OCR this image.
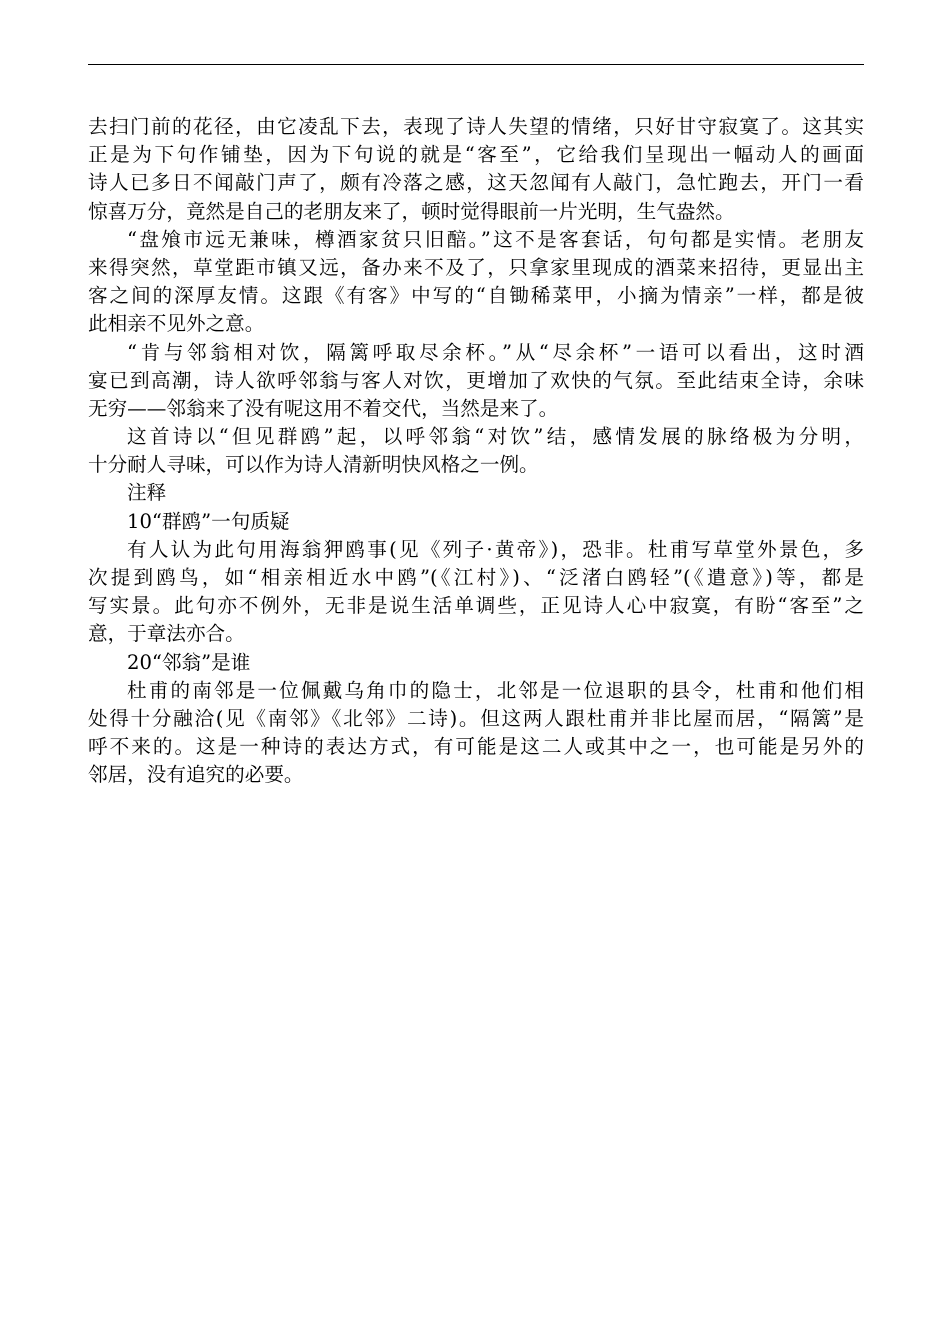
去扫门前的花径，由它凌乱下去，表现了诗人失望的情绪，只好甘守寂寞了。这其实
正是为下句作铺垫，因为下句说的就是“客至”，它给我们呈现出一幅动人的画面
诗人已多日不闻敲门声了，颇有冷落之感，这天忽闻有人敲门，急忙跑去，开门一看
惊喜万分，竟然是自己的老朋友来了，顿时觉得眼前一片光明，生气盎然。
“盘飧市远无兼味，樽酒家贫只旧醅。”这不是客套话，句句都是实情。老朋友
来得突然，草堂距市镇又远，备办来不及了，只拿家里现成的酒菜来招待，更显出主
客之间的深厚友情。这跟《有客》中写的“自锄稀菜甲，小摘为情亲”一样，都是彼
此相亲不见外之意。
“肯与邻翁相对饮，隔篱呼取尽余杯。”从“尽余杯”一语可以看出，这时酒
宴已到高潮，诗人欲呼邻翁与客人对饮，更增加了欢快的气氛。至此结束全诗，余味
无穷——邻翁来了没有呢这用不着交代，当然是来了。
这首诗以“但见群鸥”起，以呼邻翁“对饮”结，感情发展的脉络极为分明，
十分耐人寻味，可以作为诗人清新明快风格之一例。
注释
10“群鸥”一句质疑
有人认为此句用海翁狎鸥事(见《列子·黄帝》)，恐非。杜甫写草堂外景色，多
次提到鸥鸟，如“相亲相近水中鸥”(《江村》)、“泛渚白鸥轻”(《遣意》)等，都是
写实景。此句亦不例外，无非是说生活单调些，正见诗人心中寂寞，有盼“客至”之
意，于章法亦合。
20“邻翁”是谁
杜甫的南邻是一位佩戴乌角巾的隐士，北邻是一位退职的县令，杜甫和他们相
处得十分融洽(见《南邻》《北邻》二诗)。但这两人跟杜甫并非比屋而居，“隔篱”是
呼不来的。这是一种诗的表达方式，有可能是这二人或其中之一，也可能是另外的
邻居，没有追究的必要。
